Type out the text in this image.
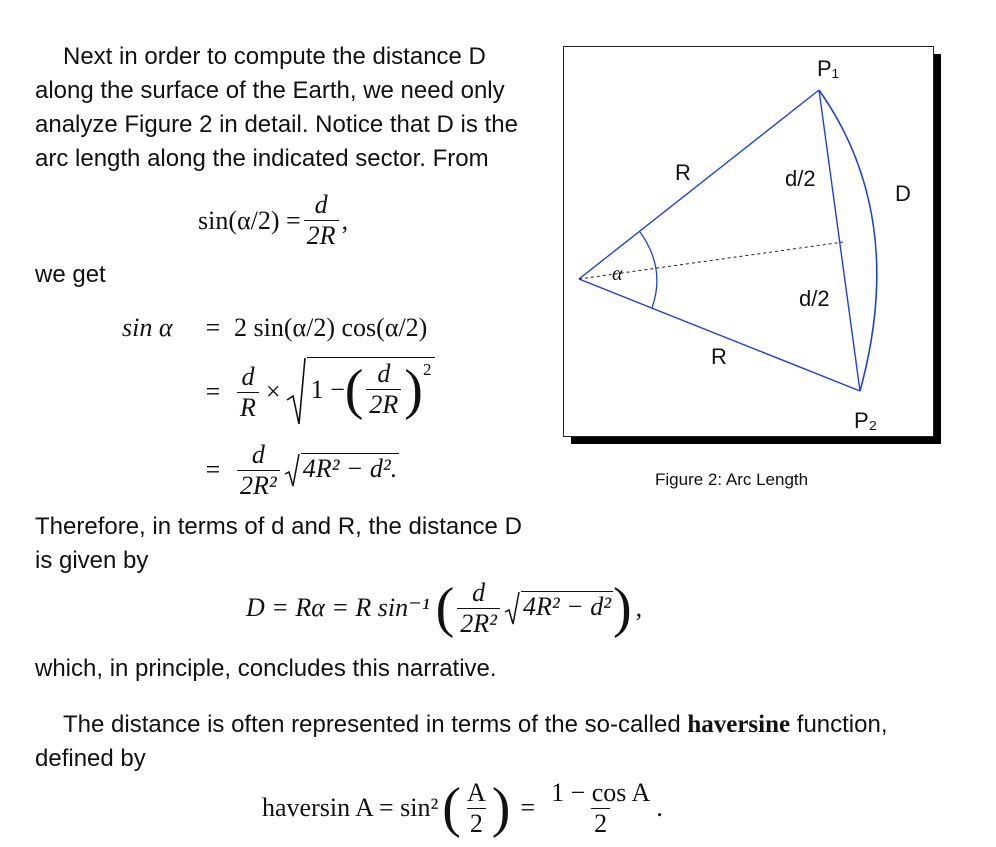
Next in order to compute the distance D
along the surface of the Earth, we need only
analyze Figure 2 in detail. Notice that D is the
arc length along the indicated sector. From
$\sin(\alpha/2) = \frac{d}{2R}$ ,
we get
sin α	= 2 sin(α/2) cos(α/2)
= $\frac{d}{R} \times 1$ − ( $\frac{d}{2R}$ ) 2
= $\frac{d}{\text{2R²}} 4R^2 - d^2$.
Therefore, in terms of d and R, the distance D
is given by
D = Rα = R sin⁻¹ ( $\frac{d}{\text{2R²}} 4R^2 - d^2$ ) ,
which, in principle, concludes this narrative.
The distance is often represented in terms of the so-called haversine function,
defined by
haversin A = sin² ( $\frac{A}{2}$ ) = $\frac{\text{1 − cos A}}{2}$ .
P₁
P₂
R
R
d/2
d/2
D
α
Figure 2: Arc Length
